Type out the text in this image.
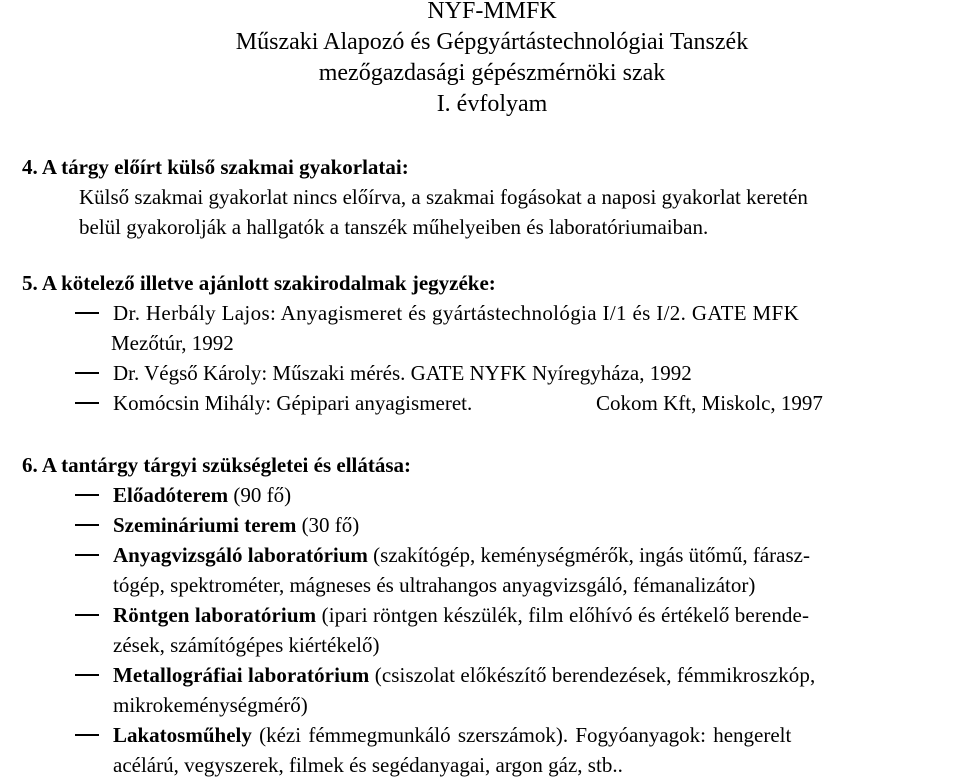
NYF-MMFK
Műszaki Alapozó és Gépgyártástechnológiai Tanszék
mezőgazdasági gépészmérnöki szak
I. évfolyam
4. A tárgy előírt külső szakmai gyakorlatai:
Külső szakmai gyakorlat nincs előírva, a szakmai fogásokat a naposi gyakorlat keretén
belül gyakorolják a hallgatók a tanszék műhelyeiben és laboratóriumaiban.
5. A kötelező illetve ajánlott szakirodalmak jegyzéke:
Dr. Herbály Lajos: Anyagismeret és gyártástechnológia I/1 és I/2. GATE MFK
Mezőtúr, 1992
Dr. Végső Károly: Műszaki mérés. GATE NYFK Nyíregyháza, 1992
Komócsin Mihály: Gépipari anyagismeret.	Cokom Kft, Miskolc, 1997
6. A tantárgy tárgyi szükségletei és ellátása:
Előadóterem (90 fő)
Szemináriumi terem (30 fő)
Anyagvizsgáló laboratórium (szakítógép, keménységmérők, ingás ütőmű, fárasz-
tógép, spektrométer, mágneses és ultrahangos anyagvizsgáló, fémanalizátor)
Röntgen laboratórium (ipari röntgen készülék, film előhívó és értékelő berende-
zések, számítógépes kiértékelő)
Metallográfiai laboratórium (csiszolat előkészítő berendezések, fémmikroszkóp,
mikrokeménységmérő)
Lakatosműhely (kézi fémmegmunkáló szerszámok). Fogyóanyagok: hengerelt
acélárú, vegyszerek, filmek és segédanyagai, argon gáz, stb..
